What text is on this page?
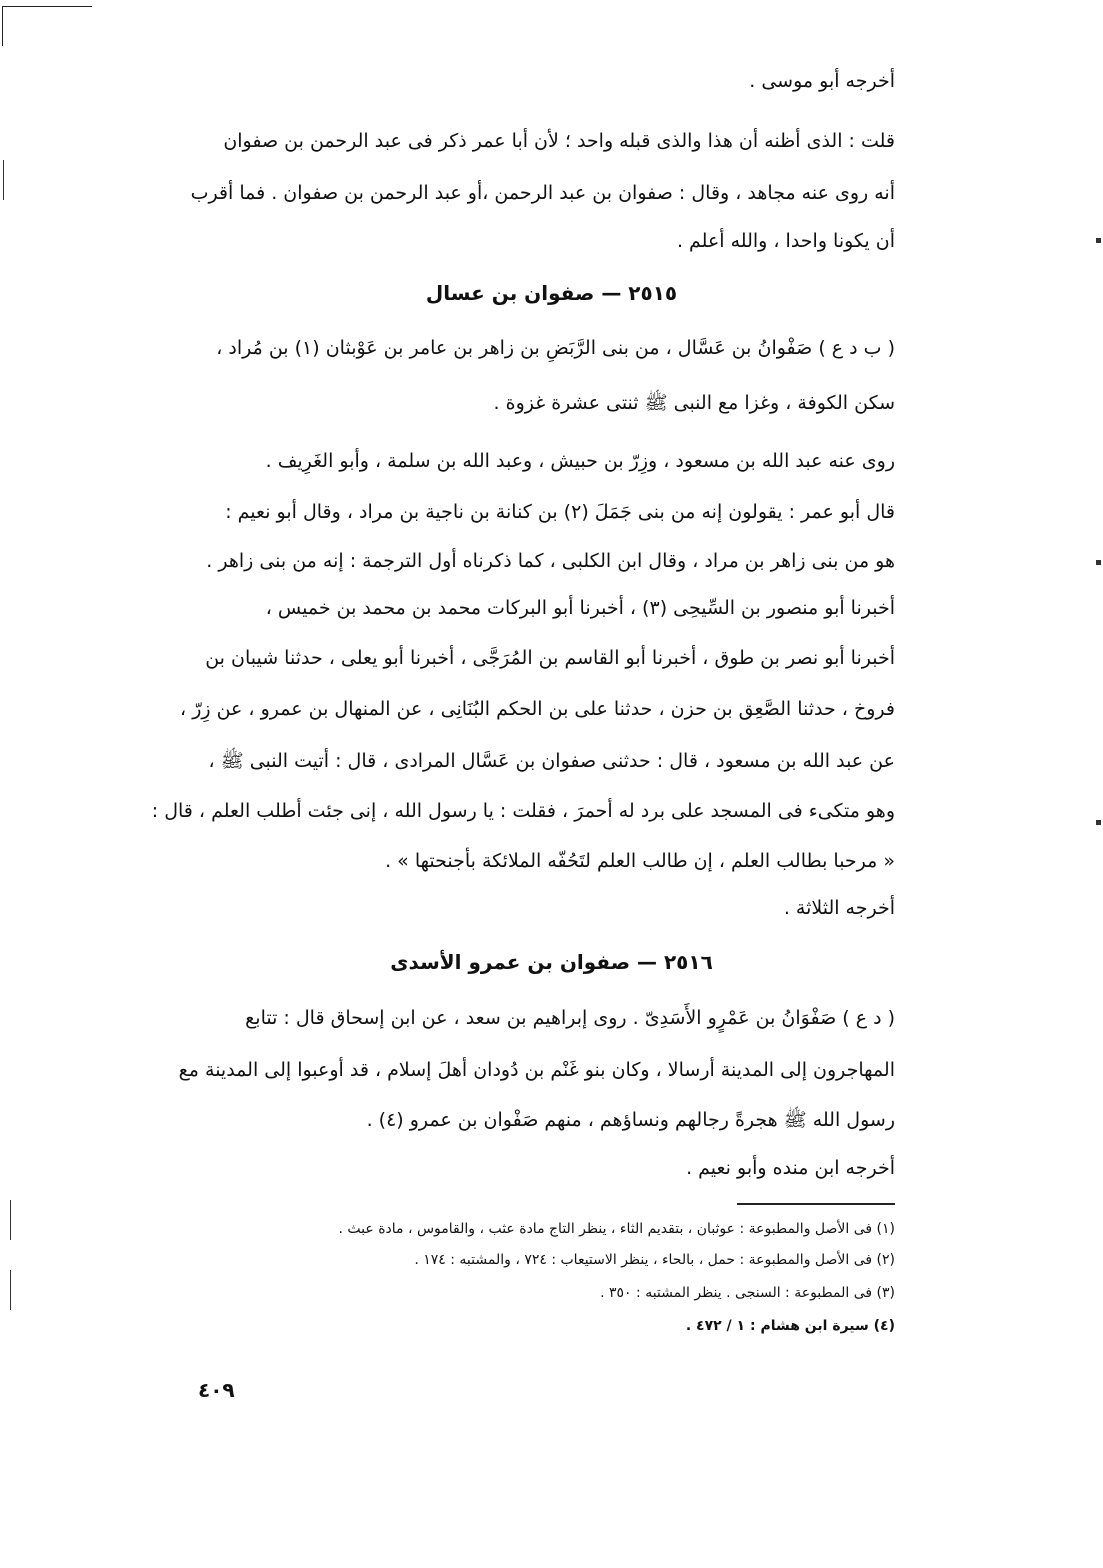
أخرجه أبو موسى .
قلت : الذى أظنه أن هذا والذى قبله واحد ؛ لأن أبا عمر ذكر فى عبد الرحمن بن صفوان
أنه روى عنه مجاهد ، وقال : صفوان بن عبد الرحمن ،أو عبد الرحمن بن صفوان . فما أقرب
أن يكونا واحدا ، والله أعلم .
٢٥١٥ — صفوان بن عسال
( ب د ع ) صَفْوانُ بن عَسَّال ، من بنى الرَّبَضِ بن زاهر بن عامر بن عَوْبثان (١) بن مُراد ،
سكن الكوفة ، وغزا مع النبى ﷺ ثنتى عشرة غزوة .
روى عنه عبد الله بن مسعود ، وزِرّ بن حبيش ، وعبد الله بن سلمة ، وأبو الغَرِيف .
قال أبو عمر : يقولون إنه من بنى جَمَلَ (٢) بن كنانة بن ناجية بن مراد ، وقال أبو نعيم :
هو من بنى زاهر بن مراد ، وقال ابن الكلبى ، كما ذكرناه أول الترجمة : إنه من بنى زاهر .
أخبرنا أبو منصور بن السِّيحِى (٣) ، أخبرنا أبو البركات محمد بن محمد بن خميس ،
أخبرنا أبو نصر بن طوق ، أخبرنا أبو القاسم بن المُرَجَّى ، أخبرنا أبو يعلى ، حدثنا شيبان بن
فروخ ، حدثنا الصَّعِق بن حزن ، حدثنا على بن الحكم البُنَانِى ، عن المنهال بن عمرو ، عن زِرّ ،
عن عبد الله بن مسعود ، قال : حدثنى صفوان بن عَسَّال المرادى ، قال : أتيت النبى ﷺ ،
وهو متكىء فى المسجد على برد له أحمرَ ، فقلت : يا رسول الله ، إنى جئت أطلب العلم ، قال :
« مرحبا بطالب العلم ، إن طالب العلم لتَحُفّه الملائكة بأجنحتها » .
أخرجه الثلاثة .
٢٥١٦ — صفوان بن عمرو الأسدى
( د ع ) صَفْوَانُ بن عَمْرٍو الأَسَدِىّ . روى إبراهيم بن سعد ، عن ابن إسحاق قال : تتابع
المهاجرون إلى المدينة أرسالا ، وكان بنو غَنْم بن دُودان أهلَ إسلام ، قد أوعبوا إلى المدينة مع
رسول الله ﷺ هجرةً رجالهم ونساؤهم ، منهم صَفْوان بن عمرو (٤) .
أخرجه ابن منده وأبو نعيم .
(١) فى الأصل والمطبوعة : عوثبان ، بتقديم الثاء ، ينظر التاج مادة عثب ، والقاموس ، مادة عبث .
(٢) فى الأصل والمطبوعة : حمل ، بالحاء ، ينظر الاستيعاب : ٧٢٤ ، والمشتبه : ١٧٤ .
(٣) فى المطبوعة : السنجى . ينظر المشتبه : ٣٥٠ .
(٤) سيرة ابن هشام : ١ / ٤٧٢ .
٤٠٩
